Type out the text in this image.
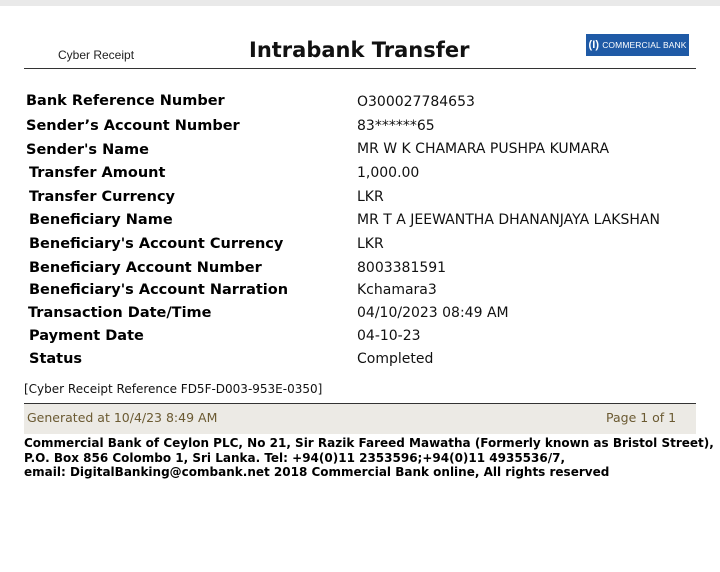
Cyber Receipt	Intrabank Transfer	(I) COMMERCIAL BANK
Bank Reference Number	O300027784653
Sender’s Account Number	83******65
Sender's Name	MR W K CHAMARA PUSHPA KUMARA
Transfer Amount	1,000.00
Transfer Currency	LKR
Beneficiary Name	MR T A JEEWANTHA DHANANJAYA LAKSHAN
Beneficiary's Account Currency	LKR
Beneficiary Account Number	8003381591
Beneficiary's Account Narration	Kchamara3
Transaction Date/Time	04/10/2023 08:49 AM
Payment Date	04-10-23
Status	Completed
[Cyber Receipt Reference FD5F-D003-953E-0350]
Generated at 10/4/23 8:49 AM	Page 1 of 1
Commercial Bank of Ceylon PLC, No 21, Sir Razik Fareed Mawatha (Formerly known as Bristol Street),
P.O. Box 856 Colombo 1, Sri Lanka. Tel: +94(0)11 2353596;+94(0)11 4935536/7,
email: DigitalBanking@combank.net 2018 Commercial Bank online, All rights reserved
